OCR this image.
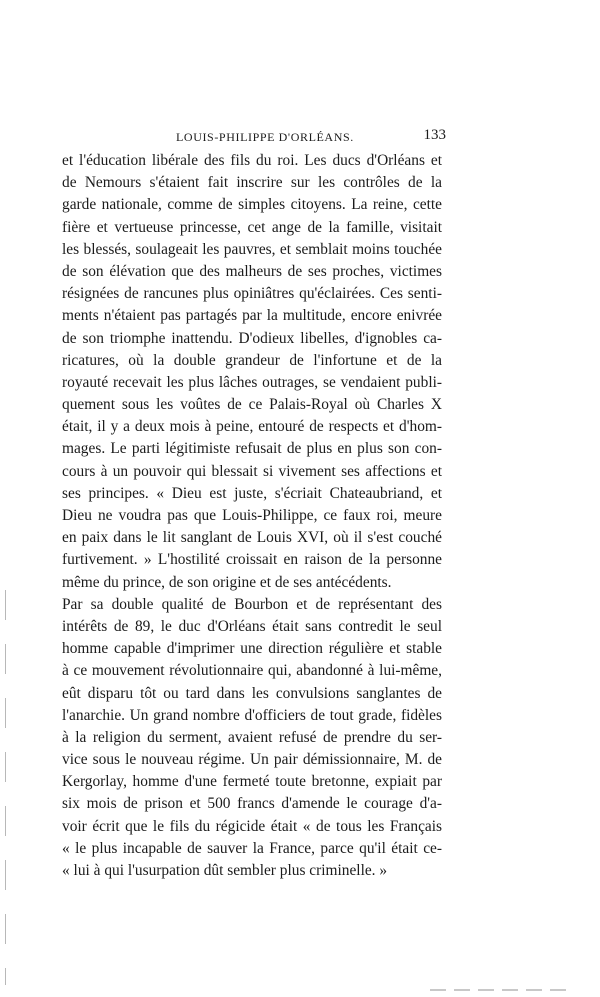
LOUIS-PHILIPPE D'ORLÉANS.	133
et l'éducation libérale des fils du roi. Les ducs d'Orléans et
de Nemours s'étaient fait inscrire sur les contrôles de la
garde nationale, comme de simples citoyens. La reine, cette
fière et vertueuse princesse, cet ange de la famille, visitait
les blessés, soulageait les pauvres, et semblait moins touchée
de son élévation que des malheurs de ses proches, victimes
résignées de rancunes plus opiniâtres qu'éclairées. Ces senti-
ments n'étaient pas partagés par la multitude, encore enivrée
de son triomphe inattendu. D'odieux libelles, d'ignobles ca-
ricatures, où la double grandeur de l'infortune et de la
royauté recevait les plus lâches outrages, se vendaient publi-
quement sous les voûtes de ce Palais-Royal où Charles X
était, il y a deux mois à peine, entouré de respects et d'hom-
mages. Le parti légitimiste refusait de plus en plus son con-
cours à un pouvoir qui blessait si vivement ses affections et
ses principes. « Dieu est juste, s'écriait Chateaubriand, et
Dieu ne voudra pas que Louis-Philippe, ce faux roi, meure
en paix dans le lit sanglant de Louis XVI, où il s'est couché
furtivement. » L'hostilité croissait en raison de la personne
même du prince, de son origine et de ses antécédents.
Par sa double qualité de Bourbon et de représentant des
intérêts de 89, le duc d'Orléans était sans contredit le seul
homme capable d'imprimer une direction régulière et stable
à ce mouvement révolutionnaire qui, abandonné à lui-même,
eût disparu tôt ou tard dans les convulsions sanglantes de
l'anarchie. Un grand nombre d'officiers de tout grade, fidèles
à la religion du serment, avaient refusé de prendre du ser-
vice sous le nouveau régime. Un pair démissionnaire, M. de
Kergorlay, homme d'une fermeté toute bretonne, expiait par
six mois de prison et 500 francs d'amende le courage d'a-
voir écrit que le fils du régicide était « de tous les Français
« le plus incapable de sauver la France, parce qu'il était ce-
« lui à qui l'usurpation dût sembler plus criminelle. »
